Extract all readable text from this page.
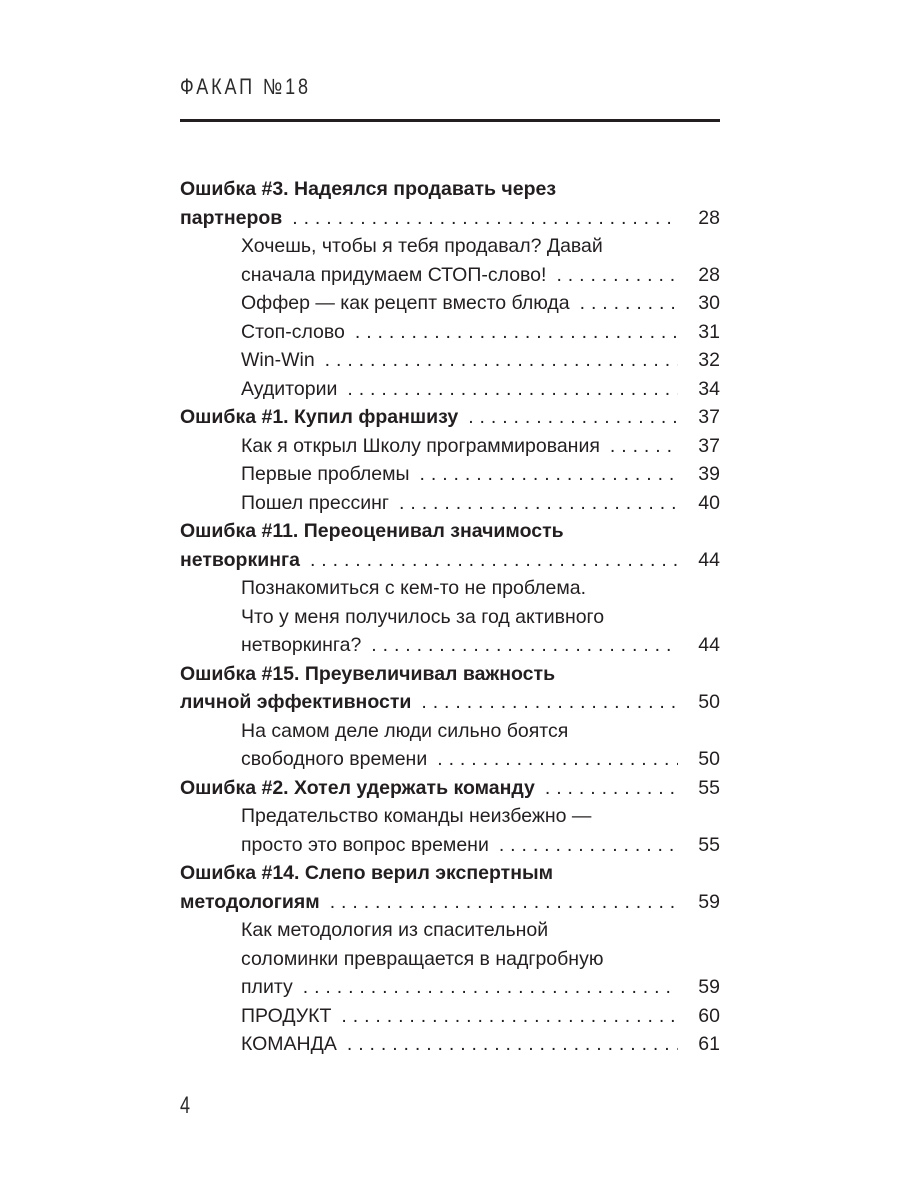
ФАКАП №18
Ошибка #3. Надеялся продавать через
партнеров . . .	28
Хочешь, чтобы я тебя продавал? Давай
сначала придумаем СТОП-слово! . . .	28
Оффер — как рецепт вместо блюда . . .	30
Стоп-слово . . .	31
Win-Win . . .	32
Аудитории . . .	34
Ошибка #1. Купил франшизу . . .	37
Как я открыл Школу программирования . . .	37
Первые проблемы . . .	39
Пошел прессинг . . .	40
Ошибка #11. Переоценивал значимость
нетворкинга . . .	44
Познакомиться с кем-то не проблема.
Что у меня получилось за год активного
нетворкинга? . . .	44
Ошибка #15. Преувеличивал важность
личной эффективности . . .	50
На самом деле люди сильно боятся
свободного времени . . .	50
Ошибка #2. Хотел удержать команду . . .	55
Предательство команды неизбежно —
просто это вопрос времени . . .	55
Ошибка #14. Слепо верил экспертным
методологиям . . .	59
Как методология из спасительной
соломинки превращается в надгробную
плиту . . .	59
ПРОДУКТ . . .	60
КОМАНДА . . .	61
4
